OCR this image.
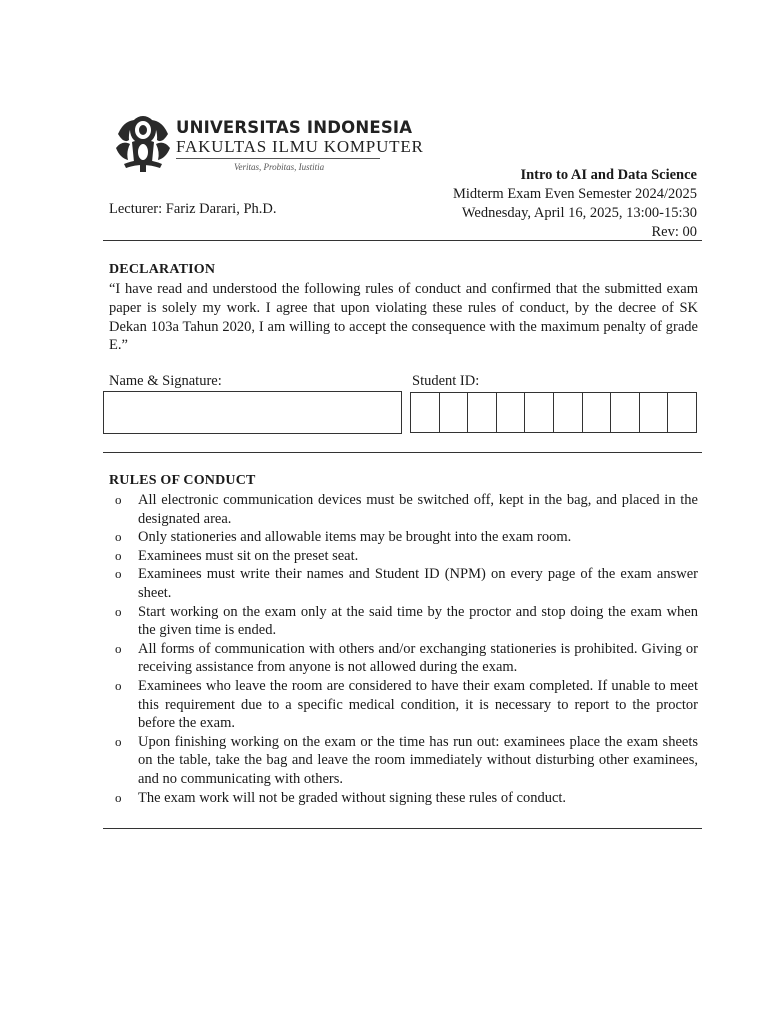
UNIVERSITAS INDONESIA
FAKULTAS ILMU KOMPUTER
Veritas, Probitas, Iustitia	Intro to AI and Data Science
Midterm Exam Even Semester 2024/2025
Wednesday, April 16, 2025, 13:00-15:30
Rev: 00
Lecturer: Fariz Darari, Ph.D.
DECLARATION
“I have read and understood the following rules of conduct and confirmed that the submitted exam paper is solely my work. I agree that upon violating these rules of conduct, by the decree of SK Dekan 103a Tahun 2020, I am willing to accept the consequence with the maximum penalty of grade E.”
Name & Signature:	Student ID:
RULES OF CONDUCT
o All electronic communication devices must be switched off, kept in the bag, and placed in the designated area.
o Only stationeries and allowable items may be brought into the exam room.
o Examinees must sit on the preset seat.
o Examinees must write their names and Student ID (NPM) on every page of the exam answer sheet.
o Start working on the exam only at the said time by the proctor and stop doing the exam when the given time is ended.
o All forms of communication with others and/or exchanging stationeries is prohibited. Giving or receiving assistance from anyone is not allowed during the exam.
o Examinees who leave the room are considered to have their exam completed. If unable to meet this requirement due to a specific medical condition, it is necessary to report to the proctor before the exam.
o Upon finishing working on the exam or the time has run out: examinees place the exam sheets on the table, take the bag and leave the room immediately without disturbing other examinees, and no communicating with others.
o The exam work will not be graded without signing these rules of conduct.
